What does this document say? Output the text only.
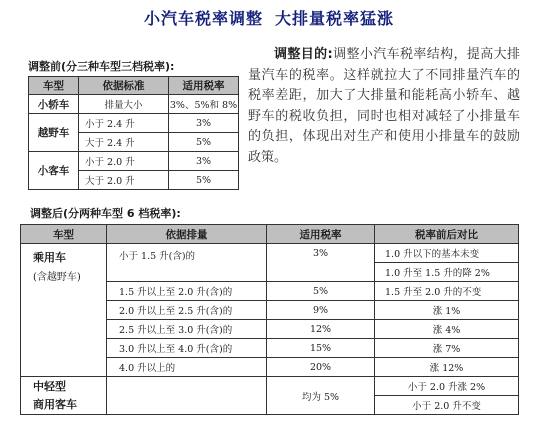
小汽车税率调整 大排量税率猛涨
调整前(分三种车型三档税率):
车型	依据标准	适用税率
小轿车	排量大小	3%、5%和 8%
越野车	小于 2.4 升	3%
	大于 2.4 升	5%
小客车	小于 2.0 升	3%
	大于 2.0 升	5%
调整目的:调整小汽车税率结构，提高大排量汽车的税率。这样就拉大了不同排量汽车的税率差距，加大了大排量和能耗高小轿车、越野车的税收负担，同时也相对减轻了小排量车的负担，体现出对生产和使用小排量车的鼓励政策。
调整后(分两种车型 6 档税率):
车型	依据排量	适用税率	税率前后对比
乘用车
(含越野车)	小于 1.5 升(含)的	3%	1.0 升以下的基本未变
			1.0 升至 1.5 升的降 2%
	1.5 升以上至 2.0 升(含)的	5%	1.5 升至 2.0 升的不变
	2.0 升以上至 2.5 升(含)的	9%	涨 1%
	2.5 升以上至 3.0 升(含)的	12%	涨 4%
	3.0 升以上至 4.0 升(含)的	15%	涨 7%
	4.0 升以上的	20%	涨 12%
中轻型
商用客车		均为 5%	小于 2.0 升涨 2%
			小于 2.0 升不变
